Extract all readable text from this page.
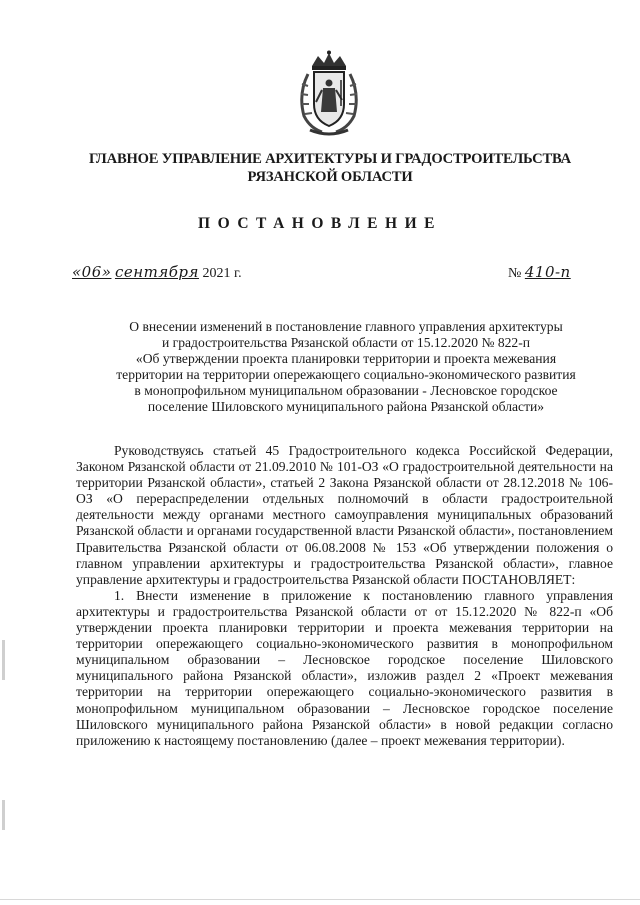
ГЛАВНОЕ УПРАВЛЕНИЕ АРХИТЕКТУРЫ И ГРАДОСТРОИТЕЛЬСТВА
РЯЗАНСКОЙ ОБЛАСТИ
ПОСТАНОВЛЕНИЕ
«06» сентября 2021 г.	№ 410-п
О внесении изменений в постановление главного управления архитектуры
и градостроительства Рязанской области от 15.12.2020 № 822-п
«Об утверждении проекта планировки территории и проекта межевания
территории на территории опережающего социально-экономического развития
в монопрофильном муниципальном образовании - Лесновское городское
поселение Шиловского муниципального района Рязанской области»

Руководствуясь статьей 45 Градостроительного кодекса Российской Федерации, Законом Рязанской области от 21.09.2010 № 101-ОЗ «О градостроительной деятельности на территории Рязанской области», статьей 2 Закона Рязанской области от 28.12.2018 № 106-ОЗ «О перераспределении отдельных полномочий в области градостроительной деятельности между органами местного самоуправления муниципальных образований Рязанской области и органами государственной власти Рязанской области», постановлением Правительства Рязанской области от 06.08.2008 № 153 «Об утверждении положения о главном управлении архитектуры и градостроительства Рязанской области», главное управление архитектуры и градостроительства Рязанской области ПОСТАНОВЛЯЕТ:

1. Внести изменение в приложение к постановлению главного управления архитектуры и градостроительства Рязанской области от от 15.12.2020 № 822-п «Об утверждении проекта планировки территории и проекта межевания территории на территории опережающего социально-экономического развития в монопрофильном муниципальном образовании – Лесновское городское поселение Шиловского муниципального района Рязанской области», изложив раздел 2 «Проект межевания территории на территории опережающего социально-экономического развития в монопрофильном муниципальном образовании – Лесновское городское поселение Шиловского муниципального района Рязанской области» в новой редакции согласно приложению к настоящему постановлению (далее – проект межевания территории).
